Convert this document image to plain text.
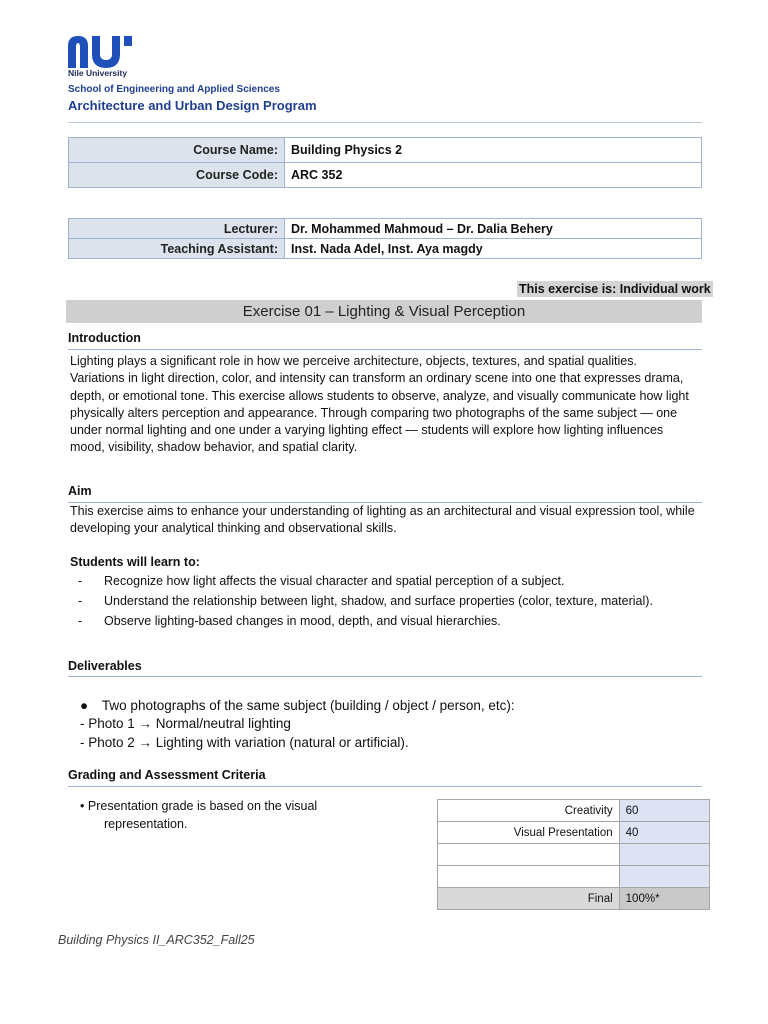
Nile University
School of Engineering and Applied Sciences
Architecture and Urban Design Program
Course Name:	Building Physics 2
Course Code:	ARC 352
Lecturer:	Dr. Mohammed Mahmoud – Dr. Dalia Behery
Teaching Assistant:	Inst. Nada Adel, Inst. Aya magdy
This exercise is: Individual work
Exercise 01 – Lighting & Visual Perception
Introduction
Lighting plays a significant role in how we perceive architecture, objects, textures, and spatial qualities.
Variations in light direction, color, and intensity can transform an ordinary scene into one that expresses drama,
depth, or emotional tone. This exercise allows students to observe, analyze, and visually communicate how light
physically alters perception and appearance. Through comparing two photographs of the same subject — one
under normal lighting and one under a varying lighting effect — students will explore how lighting influences
mood, visibility, shadow behavior, and spatial clarity.
Aim
This exercise aims to enhance your understanding of lighting as an architectural and visual expression tool, while
developing your analytical thinking and observational skills.
Students will learn to:
-	Recognize how light affects the visual character and spatial perception of a subject.
-	Understand the relationship between light, shadow, and surface properties (color, texture, material).
-	Observe lighting-based changes in mood, depth, and visual hierarchies.
Deliverables
● Two photographs of the same subject (building / object / person, etc):
- Photo 1 → Normal/neutral lighting
- Photo 2 → Lighting with variation (natural or artificial).
Grading and Assessment Criteria
• Presentation grade is based on the visual
representation.
Creativity	60
Visual Presentation	40

Final	100%*
Building Physics II_ARC352_Fall25
